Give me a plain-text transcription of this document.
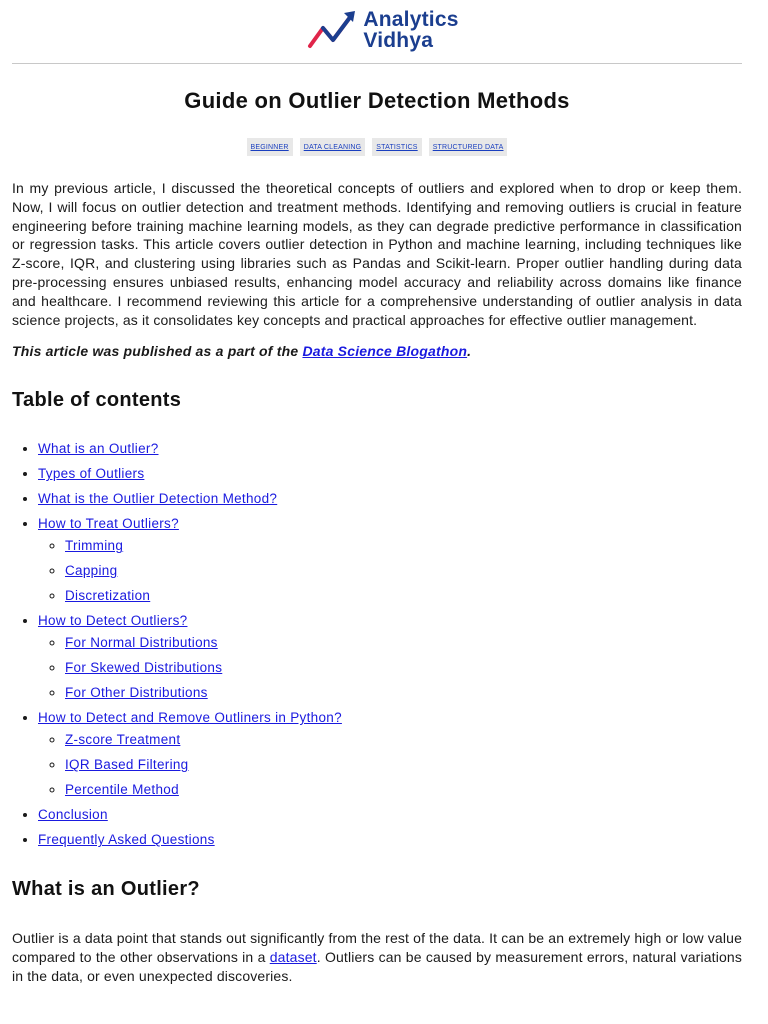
Analytics
Vidhya
Guide on Outlier Detection Methods
BEGINNER	DATA CLEANING	STATISTICS	STRUCTURED DATA

In my previous article, I discussed the theoretical concepts of outliers and explored when to drop or keep them. Now, I will focus on outlier detection and treatment methods. Identifying and removing outliers is crucial in feature engineering before training machine learning models, as they can degrade predictive performance in classification or regression tasks. This article covers outlier detection in Python and machine learning, including techniques like Z-score, IQR, and clustering using libraries such as Pandas and Scikit-learn. Proper outlier handling during data pre-processing ensures unbiased results, enhancing model accuracy and reliability across domains like finance and healthcare. I recommend reviewing this article for a comprehensive understanding of outlier analysis in data science projects, as it consolidates key concepts and practical approaches for effective outlier management.

This article was published as a part of the Data Science Blogathon.

Table of contents
• What is an Outlier?
• Types of Outliers
• What is the Outlier Detection Method?
• How to Treat Outliers?
◦ Trimming
◦ Capping
◦ Discretization
• How to Detect Outliers?
◦ For Normal Distributions
◦ For Skewed Distributions
◦ For Other Distributions
• How to Detect and Remove Outliners in Python?
◦ Z-score Treatment
◦ IQR Based Filtering
◦ Percentile Method
• Conclusion
• Frequently Asked Questions
What is an Outlier?

Outlier is a data point that stands out significantly from the rest of the data. It can be an extremely high or low value compared to the other observations in a dataset. Outliers can be caused by measurement errors, natural variations in the data, or even unexpected discoveries.
